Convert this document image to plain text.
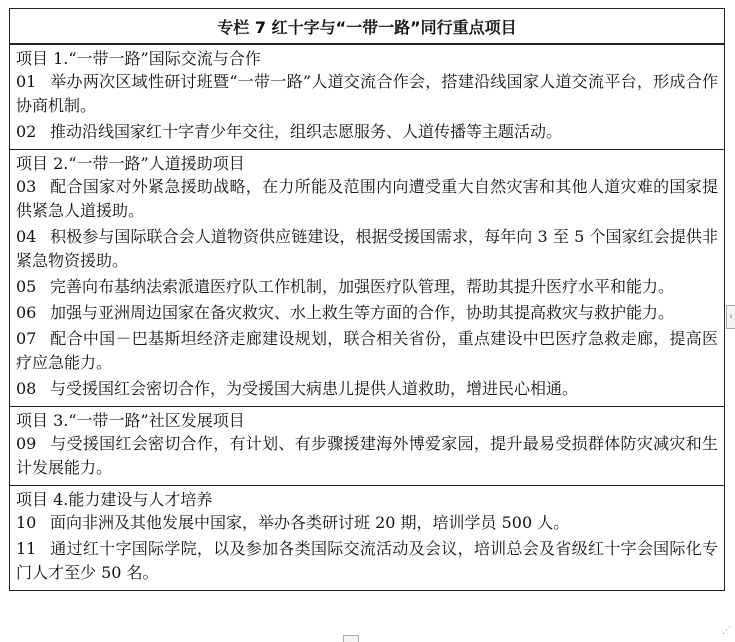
专栏 7 红十字与“一带一路”同行重点项目
项目 1.“一带一路”国际交流与合作
01 举办两次区域性研讨班暨“一带一路”人道交流合作会，搭建沿线国家人道交流平台，形成合作协商机制。
02 推动沿线国家红十字青少年交往，组织志愿服务、人道传播等主题活动。
项目 2.“一带一路”人道援助项目
03 配合国家对外紧急援助战略，在力所能及范围内向遭受重大自然灾害和其他人道灾难的国家提供紧急人道援助。
04 积极参与国际联合会人道物资供应链建设，根据受援国需求，每年向 3 至 5 个国家红会提供非紧急物资援助。
05 完善向布基纳法索派遣医疗队工作机制，加强医疗队管理，帮助其提升医疗水平和能力。
06 加强与亚洲周边国家在备灾救灾、水上救生等方面的合作，协助其提高救灾与救护能力。
07 配合中国－巴基斯坦经济走廊建设规划，联合相关省份，重点建设中巴医疗急救走廊，提高医疗应急能力。
08 与受援国红会密切合作，为受援国大病患儿提供人道救助，增进民心相通。
项目 3.“一带一路”社区发展项目
09 与受援国红会密切合作，有计划、有步骤援建海外博爱家园，提升最易受损群体防灾减灾和生计发展能力。
项目 4.能力建设与人才培养
10 面向非洲及其他发展中国家，举办各类研讨班 20 期，培训学员 500 人。
11 通过红十字国际学院，以及参加各类国际交流活动及会议，培训总会及省级红十字会国际化专门人才至少 50 名。
‹
⋰
